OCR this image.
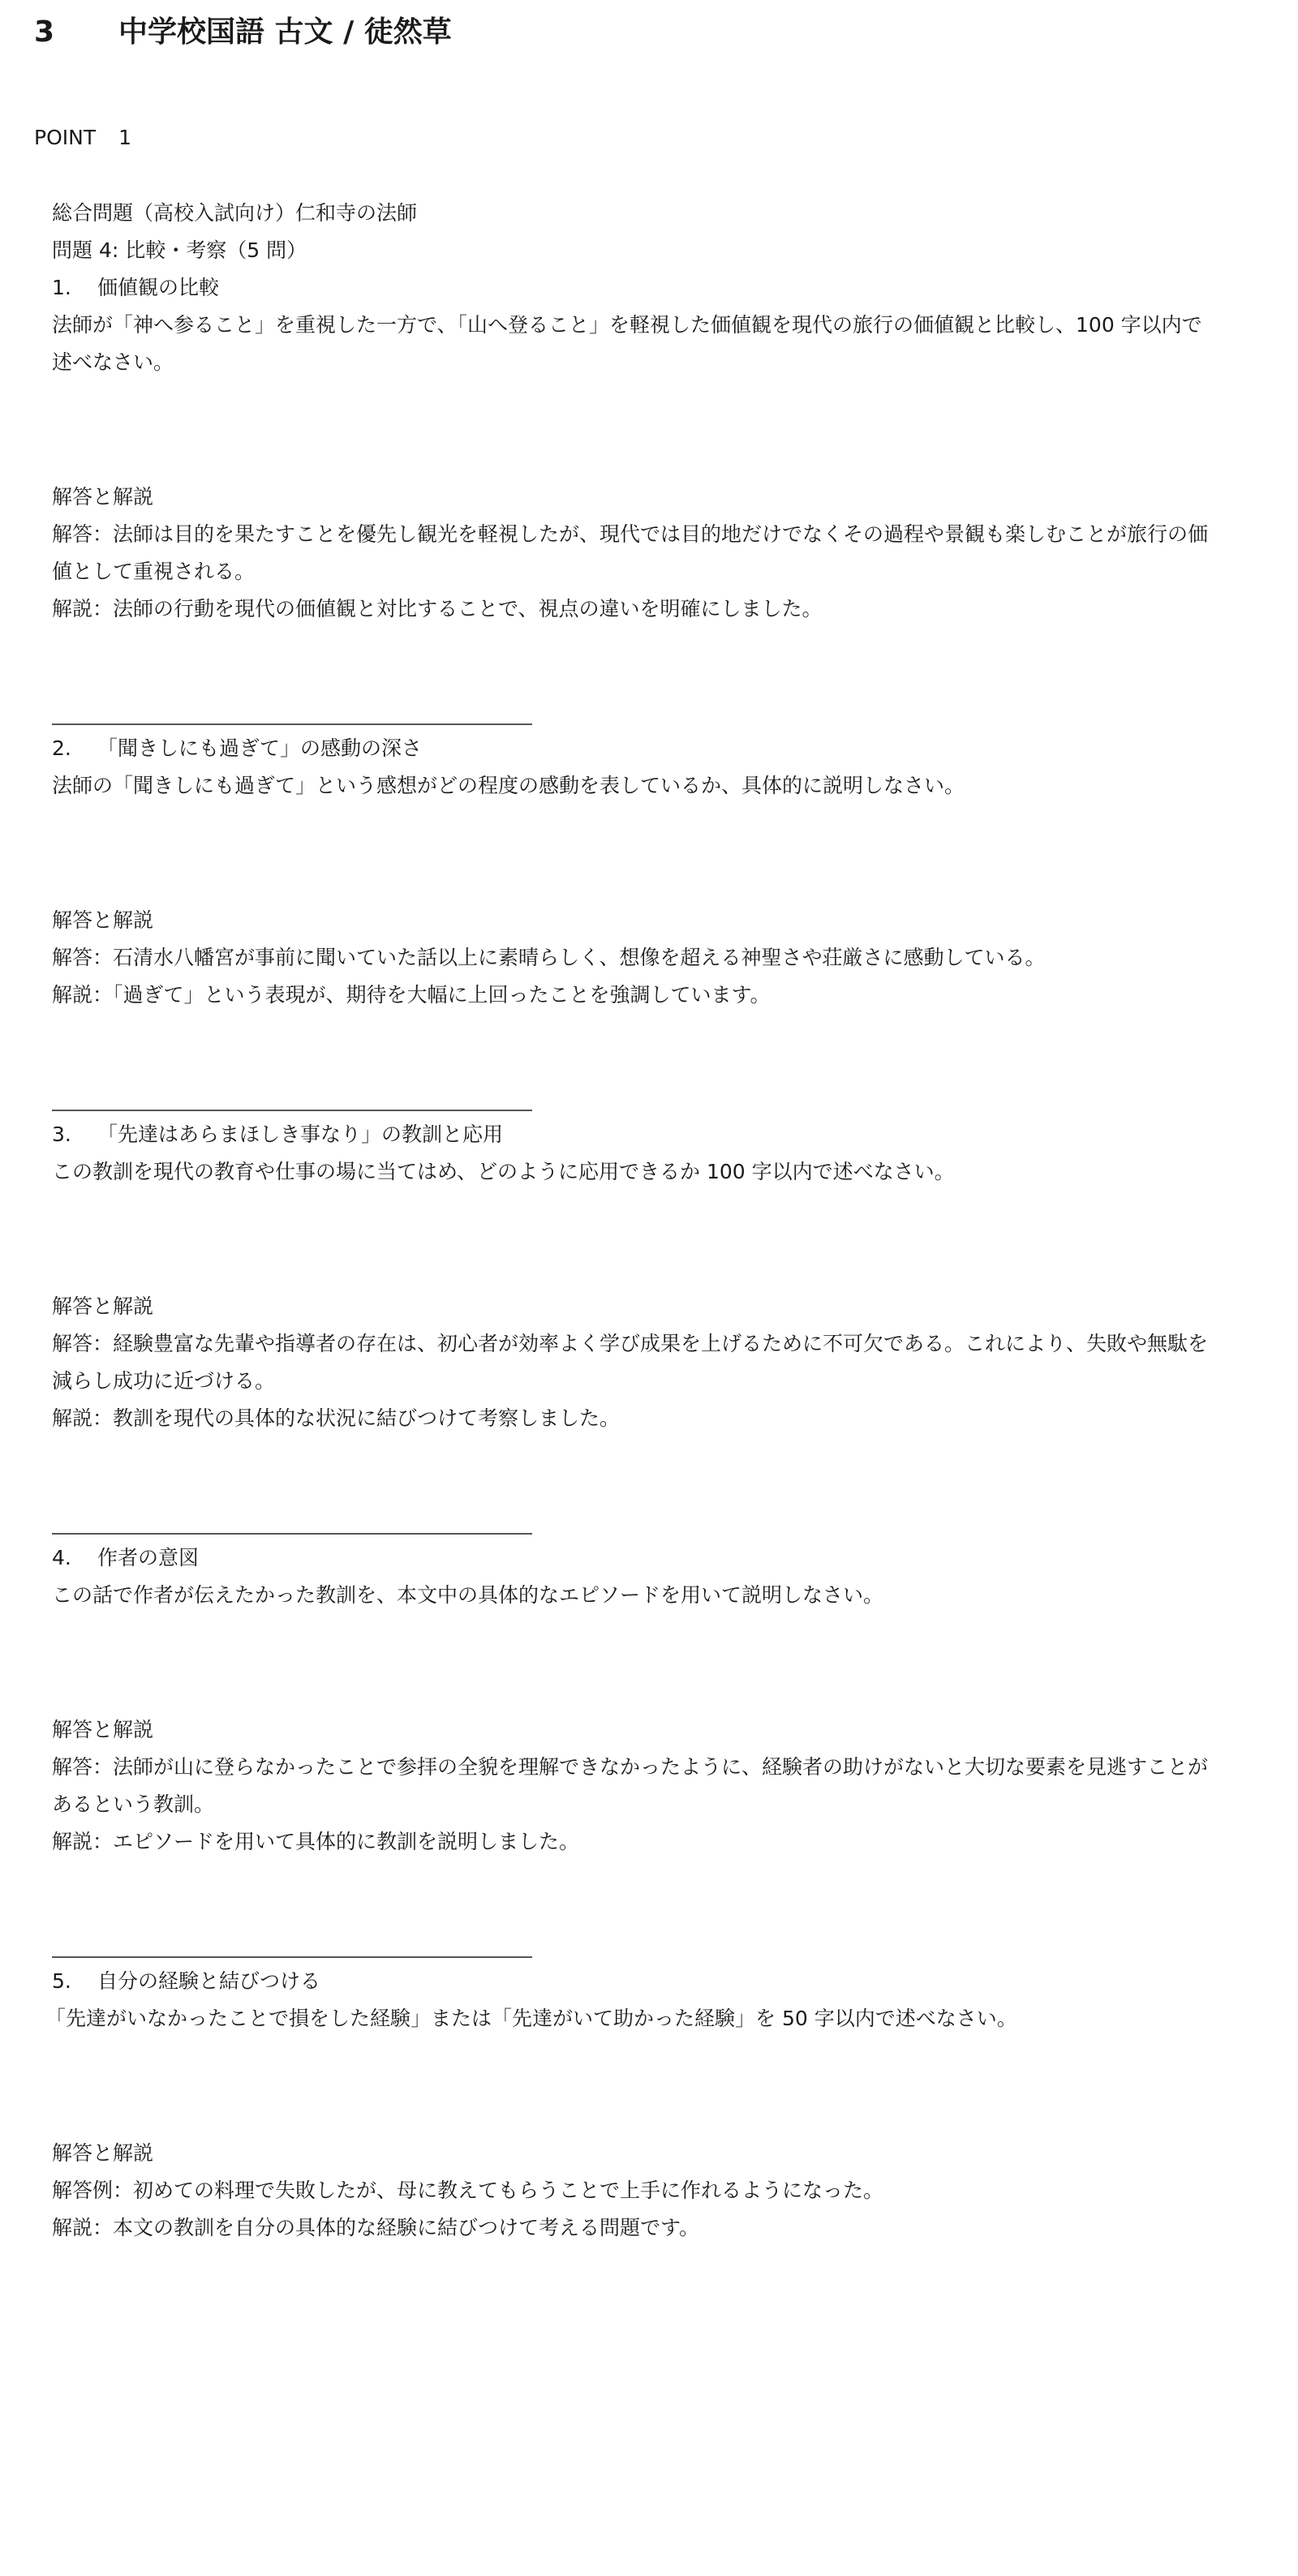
3 中学校国語 古文 / 徒然草
POINT 1

総合問題（高校入試向け）仁和寺の法師

問題 4: 比較・考察（5 問）

1. 価値観の比較

法師が「神へ参ること」を重視した一方で、「山へ登ること」を軽視した価値観を現代の旅行の価値観と比較し、100 字以内で述べなさい。

解答と解説

解答：法師は目的を果たすことを優先し観光を軽視したが、現代では目的地だけでなくその過程や景観も楽しむことが旅行の価値として重視される。

解説：法師の行動を現代の価値観と対比することで、視点の違いを明確にしました。

2. 「聞きしにも過ぎて」の感動の深さ

法師の「聞きしにも過ぎて」という感想がどの程度の感動を表しているか、具体的に説明しなさい。

解答と解説

解答：石清水八幡宮が事前に聞いていた話以上に素晴らしく、想像を超える神聖さや荘厳さに感動している。

解説：「過ぎて」という表現が、期待を大幅に上回ったことを強調しています。

3. 「先達はあらまほしき事なり」の教訓と応用

この教訓を現代の教育や仕事の場に当てはめ、どのように応用できるか 100 字以内で述べなさい。

解答と解説

解答：経験豊富な先輩や指導者の存在は、初心者が効率よく学び成果を上げるために不可欠である。これにより、失敗や無駄を減らし成功に近づける。

解説：教訓を現代の具体的な状況に結びつけて考察しました。

4. 作者の意図

この話で作者が伝えたかった教訓を、本文中の具体的なエピソードを用いて説明しなさい。

解答と解説

解答：法師が山に登らなかったことで参拝の全貌を理解できなかったように、経験者の助けがないと大切な要素を見逃すことがあるという教訓。

解説：エピソードを用いて具体的に教訓を説明しました。

5. 自分の経験と結びつける

「先達がいなかったことで損をした経験」または「先達がいて助かった経験」を 50 字以内で述べなさい。

解答と解説

解答例：初めての料理で失敗したが、母に教えてもらうことで上手に作れるようになった。

解説：本文の教訓を自分の具体的な経験に結びつけて考える問題です。
